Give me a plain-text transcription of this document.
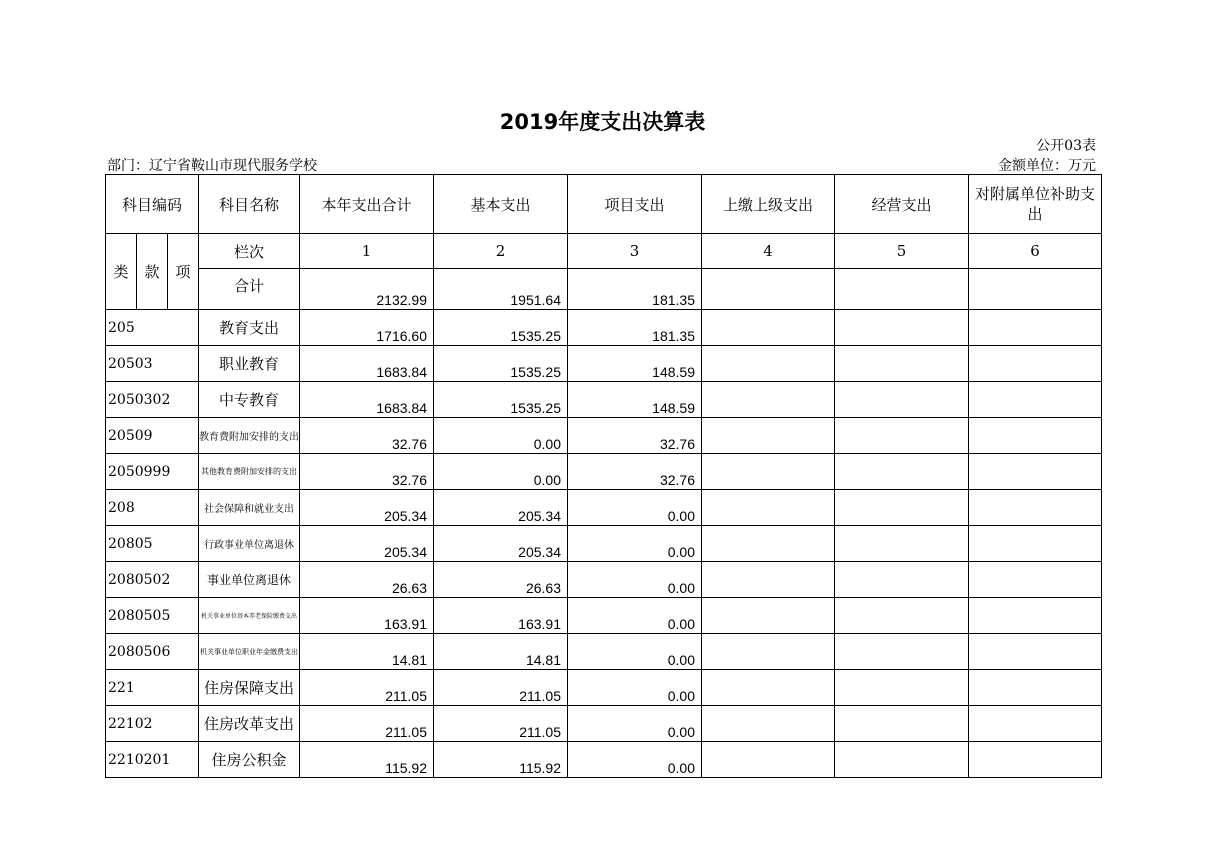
2019年度支出决算表
公开03表
部门：辽宁省鞍山市现代服务学校	金额单位：万元
科目编码			科目名称	本年支出合计	基本支出	项目支出	上缴上级支出	经营支出	对附属单位补助支出
类	款	项	栏次	1	2	3	4	5	6
			合计	2132.99	1951.64	181.35			
205			教育支出	1716.60	1535.25	181.35			
20503			职业教育	1683.84	1535.25	148.59			
2050302			中专教育	1683.84	1535.25	148.59			
20509			教育费附加安排的支出	32.76	0.00	32.76			
2050999			其他教育费附加安排的支出	32.76	0.00	32.76			
208			社会保障和就业支出	205.34	205.34	0.00			
20805			行政事业单位离退休	205.34	205.34	0.00			
2080502			事业单位离退休	26.63	26.63	0.00			
2080505			机关事业单位基本养老保险缴费支出	163.91	163.91	0.00			
2080506			机关事业单位职业年金缴费支出	14.81	14.81	0.00			
221			住房保障支出	211.05	211.05	0.00			
22102			住房改革支出	211.05	211.05	0.00			
2210201			住房公积金	115.92	115.92	0.00			
